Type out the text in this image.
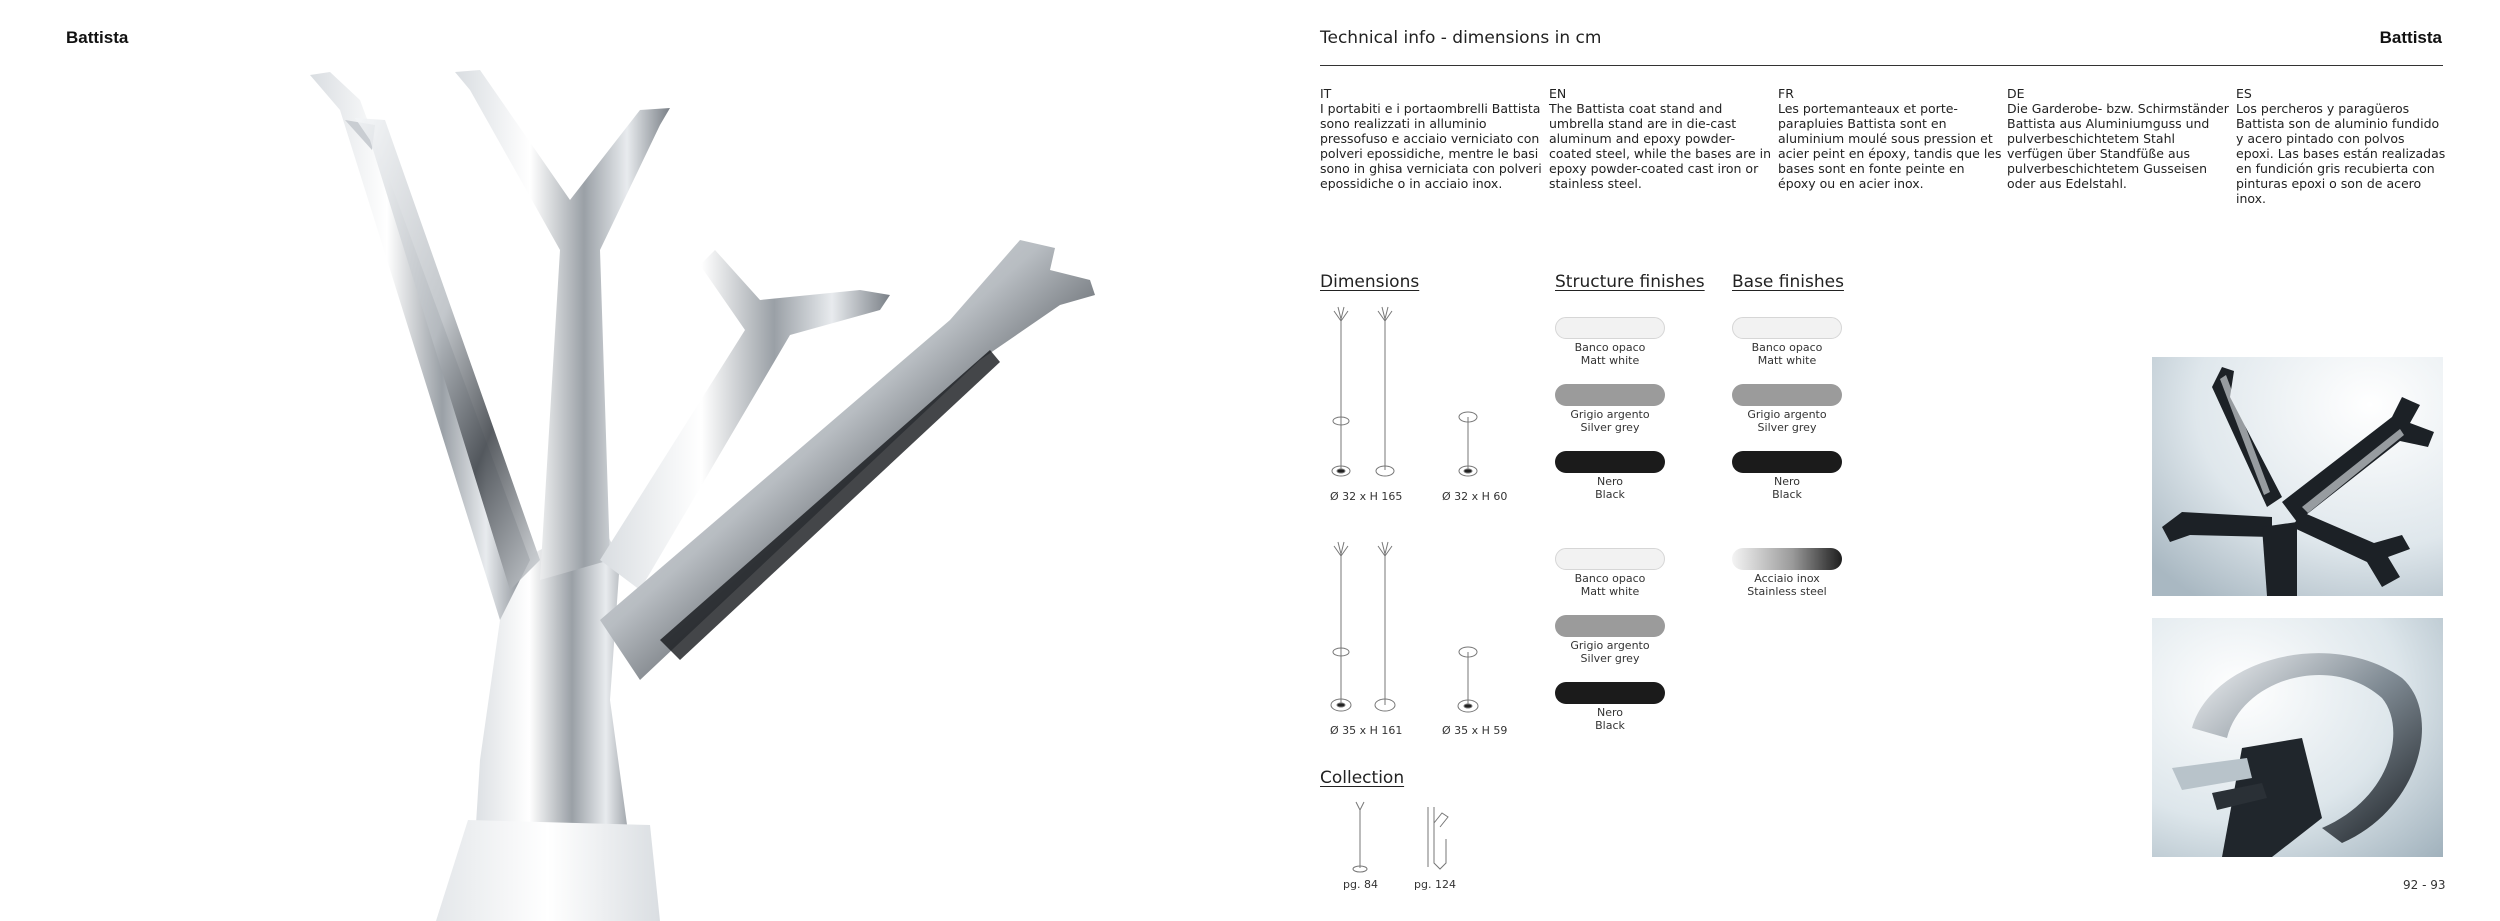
Battista	Technical info - dimensions in cm	Battista
IT
I portabiti e i portaombrelli Battista sono realizzati in alluminio pressofuso e acciaio verniciato con polveri epossidiche, mentre le basi sono in ghisa verniciata con polveri epossidiche o in acciaio inox.
EN
The Battista coat stand and umbrella stand are in die-cast aluminum and epoxy powder-coated steel, while the bases are in epoxy powder-coated cast iron or stainless steel.
FR
Les portemanteaux et porte-parapluies Battista sont en aluminium moulé sous pression et acier peint en époxy, tandis que les bases sont en fonte peinte en époxy ou en acier inox.
DE
Die Garderobe- bzw. Schirmständer Battista aus Aluminiumguss und pulverbeschichtetem Stahl verfügen über Standfüße aus pulverbeschichtetem Gusseisen oder aus Edelstahl.
ES
Los percheros y paragüeros Battista son de aluminio fundido y acero pintado con polvos epoxi. Las bases están realizadas en fundición gris recubierta con pinturas epoxi o son de acero inox.
Dimensions	Structure finishes Base finishes
Collection
Ø 32 x H 165	Ø 32 x H 60
Ø 35 x H 161	Ø 35 x H 59
Banco opaco
Matt white
Grigio argento
Silver grey
Nero
Black
Banco opaco
Matt white
Grigio argento
Silver grey
Nero
Black
Banco opaco
Matt white
Grigio argento
Silver grey
Nero
Black
Acciaio inox
Stainless steel
pg. 84	pg. 124	92 - 93
